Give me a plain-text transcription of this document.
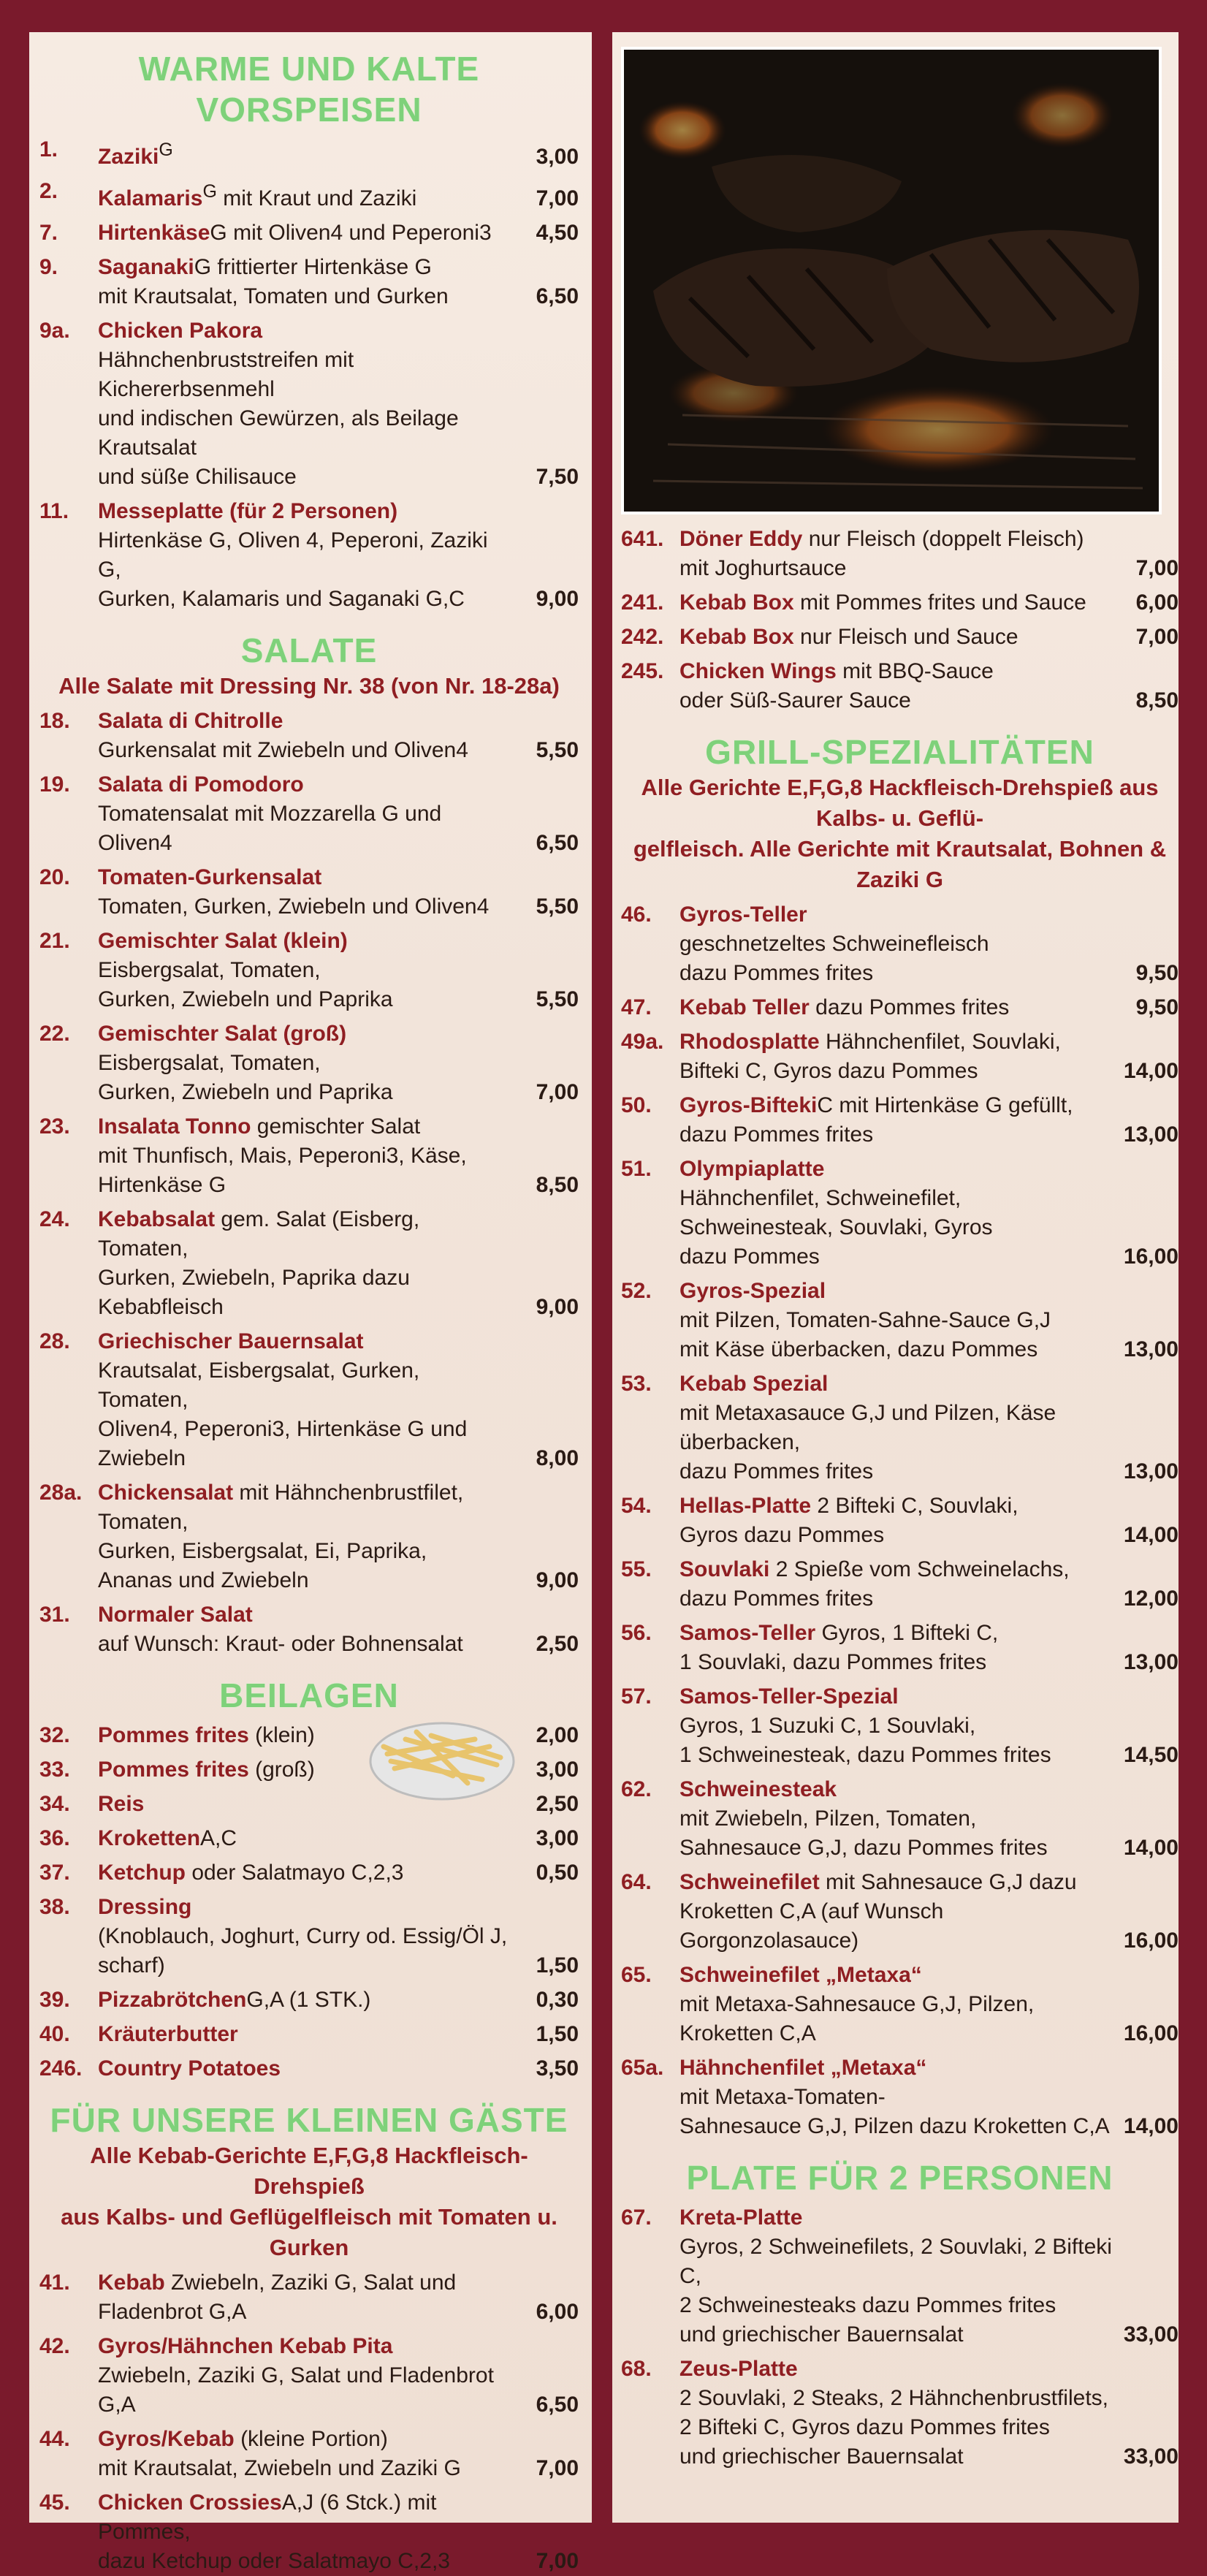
WARME UND KALTE
VORSPEISEN
1.	Zaziki$^G$	3,00
2.	Kalamaris$^G$ mit Kraut und Zaziki	7,00
7.	HirtenkäseG mit Oliven4 und Peperoni3	4,50
9.	SaganakiG frittierter Hirtenkäse G
mit Krautsalat, Tomaten und Gurken	6,50
9a.	Chicken Pakora
Hähnchenbruststreifen mit Kichererbsenmehl
und indischen Gewürzen, als Beilage Krautsalat
und süße Chilisauce	7,50
11.	Messeplatte (für 2 Personen)
Hirtenkäse G, Oliven 4, Peperoni, Zaziki G,
Gurken, Kalamaris und Saganaki G,C	9,00
SALATE
Alle Salate mit Dressing Nr. 38 (von Nr. 18-28a)
18.	Salata di Chitrolle
Gurkensalat mit Zwiebeln und Oliven4	5,50
19.	Salata di Pomodoro
Tomatensalat mit Mozzarella G und Oliven4	6,50
20.	Tomaten-Gurkensalat
Tomaten, Gurken, Zwiebeln und Oliven4	5,50
21.	Gemischter Salat (klein)
Eisbergsalat, Tomaten,
Gurken, Zwiebeln und Paprika	5,50
22.	Gemischter Salat (groß)
Eisbergsalat, Tomaten,
Gurken, Zwiebeln und Paprika	7,00
23.	Insalata Tonno gemischter Salat
mit Thunfisch, Mais, Peperoni3, Käse, Hirtenkäse G	8,50
24.	Kebabsalat gem. Salat (Eisberg, Tomaten,
Gurken, Zwiebeln, Paprika dazu Kebabfleisch	9,00
28.	Griechischer Bauernsalat
Krautsalat, Eisbergsalat, Gurken, Tomaten,
Oliven4, Peperoni3, Hirtenkäse G und Zwiebeln	8,00
28a. Chickensalat mit Hähnchenbrustfilet, Tomaten,
Gurken, Eisbergsalat, Ei, Paprika,
Ananas und Zwiebeln	9,00
31.	Normaler Salat
auf Wunsch: Kraut- oder Bohnensalat	2,50
BEILAGEN
32.	Pommes frites (klein)	2,00
33.	Pommes frites (groß)	3,00
34.	Reis	2,50
36.	KrokettenA,C	3,00
37.	Ketchup oder Salatmayo C,2,3	0,50
38.	Dressing
(Knoblauch, Joghurt, Curry od. Essig/Öl J, scharf)	1,50
39.	PizzabrötchenG,A (1 STK.)	0,30
40.	Kräuterbutter	1,50
246. Country Potatoes	3,50
FÜR UNSERE KLEINEN GÄSTE
Alle Kebab-Gerichte E,F,G,8 Hackfleisch-Drehspieß
aus Kalbs- und Geflügelfleisch mit Tomaten u. Gurken
41.	Kebab Zwiebeln, Zaziki G, Salat und Fladenbrot G,A	6,00
42.	Gyros/Hähnchen Kebab Pita
Zwiebeln, Zaziki G, Salat und Fladenbrot G,A	6,50
44.	Gyros/Kebab (kleine Portion)
mit Krautsalat, Zwiebeln und Zaziki G	7,00
45.	Chicken CrossiesA,J (6 Stck.) mit Pommes,
dazu Ketchup oder Salatmayo C,2,3	7,00
641. Döner Eddy nur Fleisch (doppelt Fleisch)
mit Joghurtsauce	7,00
241. Kebab Box mit Pommes frites und Sauce	6,00
242. Kebab Box nur Fleisch und Sauce	7,00
245. Chicken Wings mit BBQ-Sauce
oder Süß-Saurer Sauce	8,50
GRILL-SPEZIALITÄTEN
Alle Gerichte E,F,G,8 Hackfleisch-Drehspieß aus Kalbs- u. Geflü-
gelfleisch. Alle Gerichte mit Krautsalat, Bohnen & Zaziki G
46.	Gyros-Teller
geschnetzeltes Schweinefleisch
dazu Pommes frites	9,50
47.	Kebab Teller dazu Pommes frites	9,50
49a. Rhodosplatte Hähnchenfilet, Souvlaki,
Bifteki C, Gyros dazu Pommes	14,00
50.	Gyros-BiftekiC mit Hirtenkäse G gefüllt,
dazu Pommes frites	13,00
51.	Olympiaplatte
Hähnchenfilet, Schweinefilet,
Schweinesteak, Souvlaki, Gyros
dazu Pommes	16,00
52.	Gyros-Spezial
mit Pilzen, Tomaten-Sahne-Sauce G,J
mit Käse überbacken, dazu Pommes	13,00
53.	Kebab Spezial
mit Metaxasauce G,J und Pilzen, Käse überbacken,
dazu Pommes frites	13,00
54.	Hellas-Platte 2 Bifteki C, Souvlaki,
Gyros dazu Pommes	14,00
55.	Souvlaki 2 Spieße vom Schweinelachs,
dazu Pommes frites	12,00
56.	Samos-Teller Gyros, 1 Bifteki C,
1 Souvlaki, dazu Pommes frites	13,00
57.	Samos-Teller-Spezial
Gyros, 1 Suzuki C, 1 Souvlaki,
1 Schweinesteak, dazu Pommes frites	14,50
62.	Schweinesteak
mit Zwiebeln, Pilzen, Tomaten,
Sahnesauce G,J, dazu Pommes frites	14,00
64.	Schweinefilet mit Sahnesauce G,J dazu
Kroketten C,A (auf Wunsch Gorgonzolasauce)	16,00
65.	Schweinefilet „Metaxa“
mit Metaxa-Sahnesauce G,J, Pilzen, Kroketten C,A	16,00
65a. Hähnchenfilet „Metaxa“
mit Metaxa-Tomaten-
Sahnesauce G,J, Pilzen dazu Kroketten C,A 14,00
PLATE FÜR 2 PERSONEN
67.	Kreta-Platte
Gyros, 2 Schweinefilets, 2 Souvlaki, 2 Bifteki C,
2 Schweinesteaks dazu Pommes frites
und griechischer Bauernsalat	33,00
68.	Zeus-Platte
2 Souvlaki, 2 Steaks, 2 Hähnchenbrustfilets,
2 Bifteki C, Gyros dazu Pommes frites
und griechischer Bauernsalat	33,00
